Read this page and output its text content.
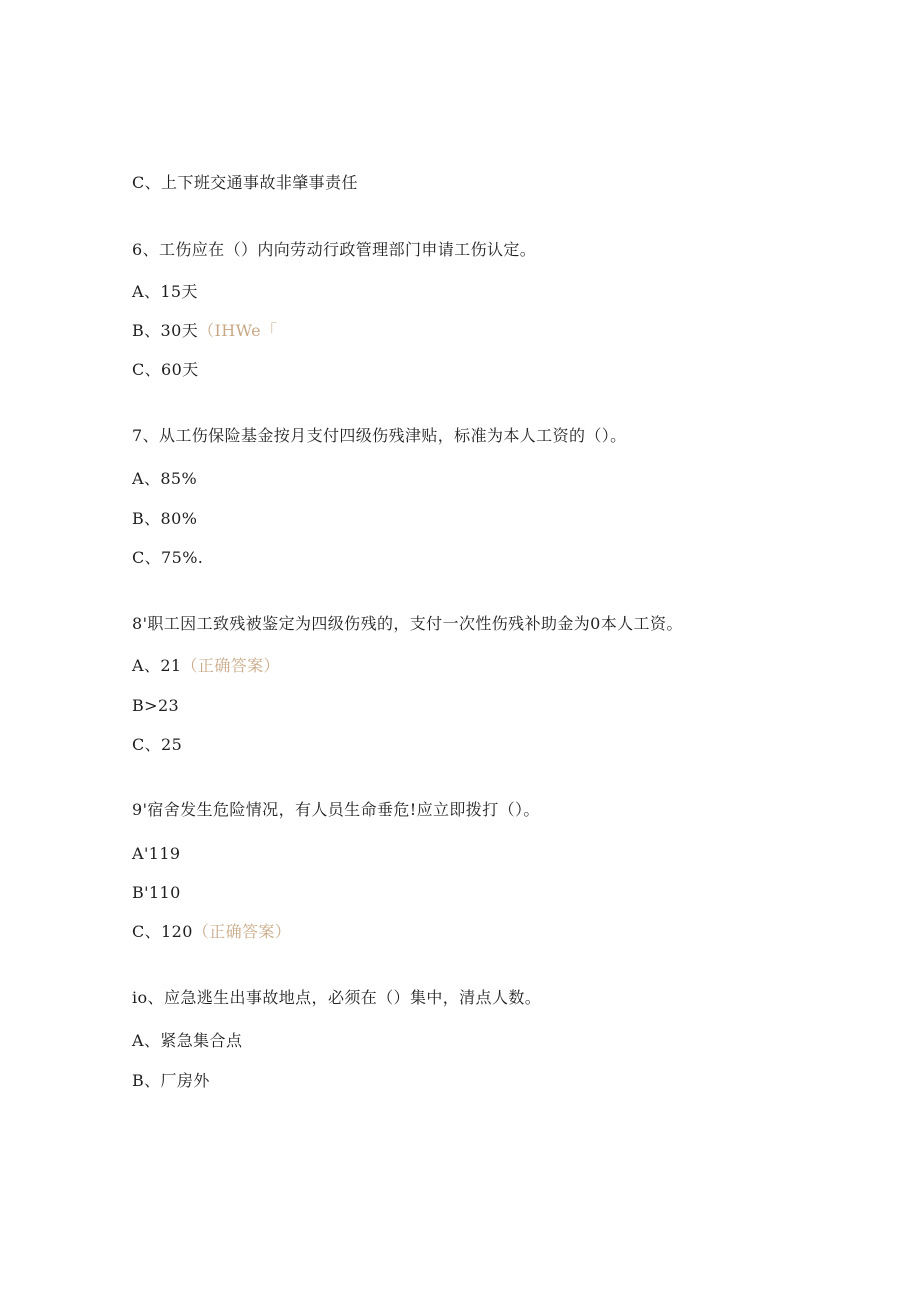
C、上下班交通事故非肇事责任
6、工伤应在（）内向劳动行政管理部门申请工伤认定。
A、15天
B、30天（IHWe「
C、60天
7、从工伤保险基金按月支付四级伤残津贴，标准为本人工资的（）。
A、85%
B、80%
C、75%.
8'职工因工致残被鉴定为四级伤残的，支付一次性伤残补助金为0本人工资。
A、21（正确答案）
B>23
C、25
9'宿舍发生危险情况，有人员生命垂危!应立即拨打（）。
A'119
B'110
C、120（正确答案）
io、应急逃生出事故地点，必须在（）集中，清点人数。
A、紧急集合点
B、厂房外
